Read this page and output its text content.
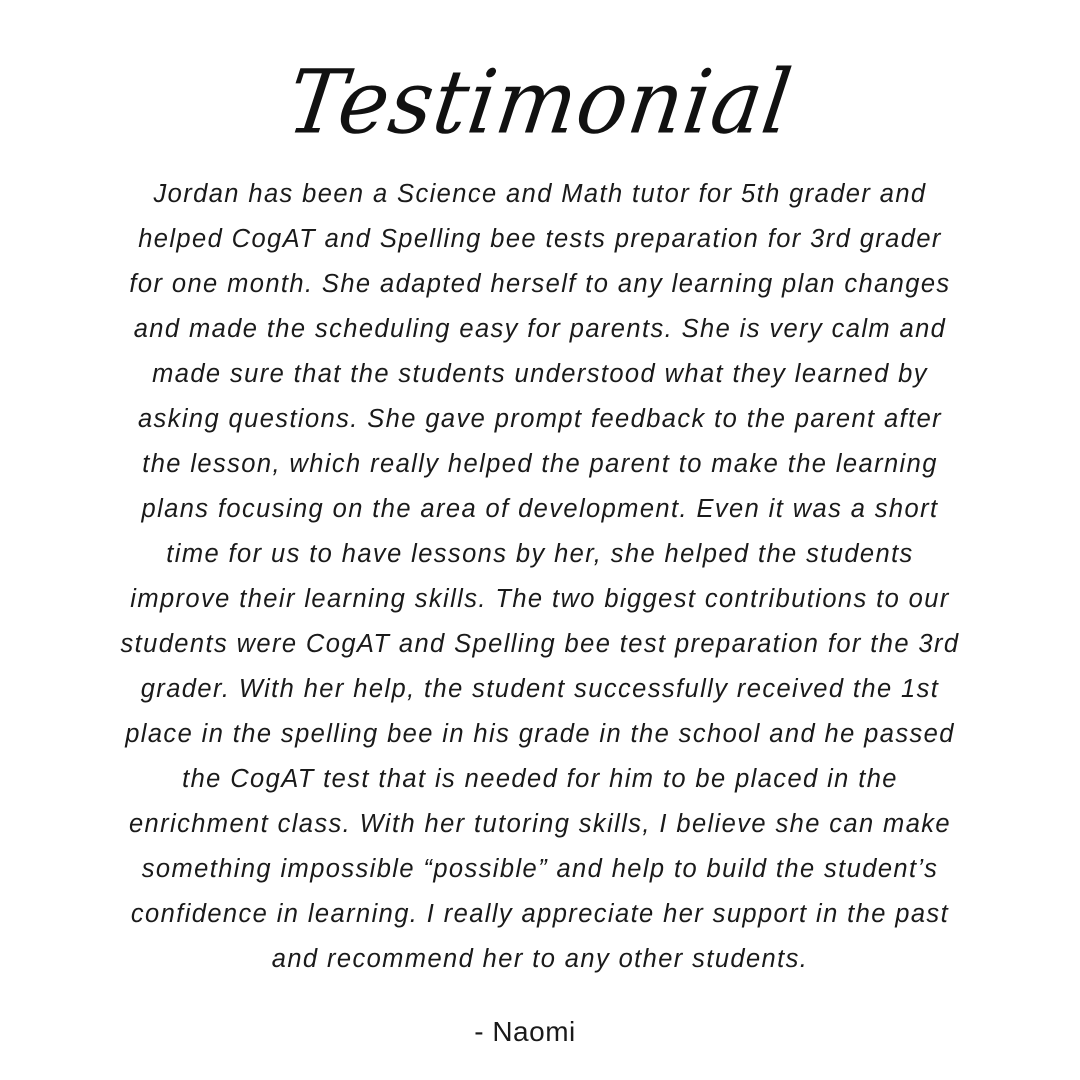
Testimonial

Jordan has been a Science and Math tutor for 5th grader and
helped CogAT and Spelling bee tests preparation for 3rd grader
for one month. She adapted herself to any learning plan changes
and made the scheduling easy for parents. She is very calm and
made sure that the students understood what they learned by
asking questions. She gave prompt feedback to the parent after
the lesson, which really helped the parent to make the learning
plans focusing on the area of development. Even it was a short
time for us to have lessons by her, she helped the students
improve their learning skills. The two biggest contributions to our
students were CogAT and Spelling bee test preparation for the 3rd
grader. With her help, the student successfully received the 1st
place in the spelling bee in his grade in the school and he passed
the CogAT test that is needed for him to be placed in the
enrichment class. With her tutoring skills, I believe she can make
something impossible “possible” and help to build the student’s
confidence in learning. I really appreciate her support in the past
and recommend her to any other students.

- Naomi
